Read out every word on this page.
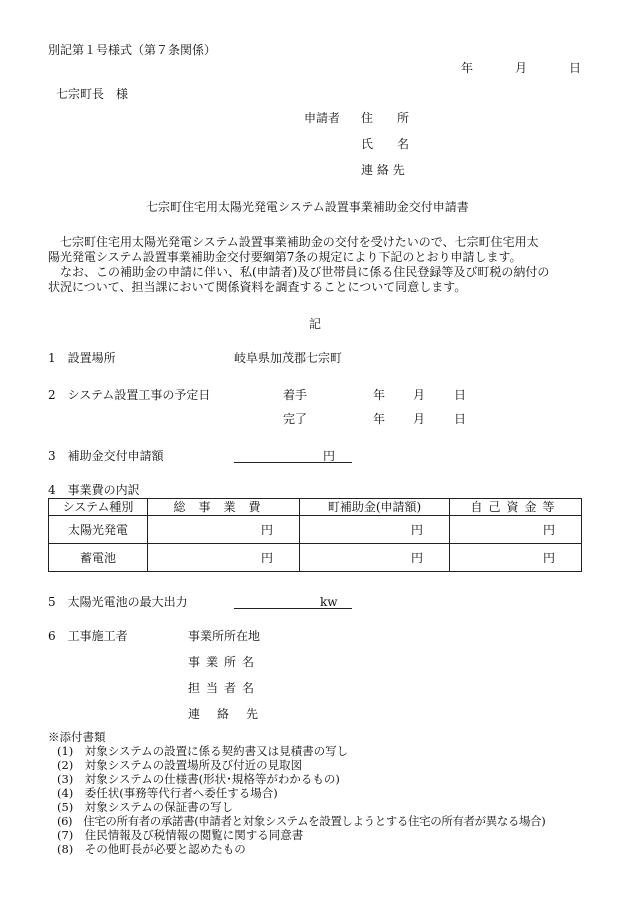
別記第１号様式（第７条関係）
年	月	日
七宗町長　様
申請者 住　　所
氏　　名
連 絡 先
七宗町住宅用太陽光発電システム設置事業補助金交付申請書
七宗町住宅用太陽光発電システム設置事業補助金の交付を受けたいので、七宗町住宅用太
陽光発電システム設置事業補助金交付要綱第7条の規定により下記のとおり申請します。
なお、この補助金の申請に伴い、私(申請者)及び世帯員に係る住民登録等及び町税の納付の
状況について、担当課において関係資料を調査することについて同意します。
記
1　設置場所	岐阜県加茂郡七宗町
2　システム設置工事の予定日	着手	年 月 日
完了	年 月 日
3　補助金交付申請額	円
4　事業費の内訳
システム種別	総事業費	町補助金(申請額)	自己資金等
太陽光発電	円	円	円
蓄電池	円	円	円
5　太陽光電池の最大出力	kw
6　工事施工者	事業所所在地
事業所名
担当者名
連絡先
※添付書類
(1)　対象システムの設置に係る契約書又は見積書の写し
(2)　対象システムの設置場所及び付近の見取図
(3)　対象システムの仕様書(形状･規格等がわかるもの)
(4)　委任状(事務等代行者へ委任する場合)
(5)　対象システムの保証書の写し
(6)　住宅の所有者の承諾書(申請者と対象システムを設置しようとする住宅の所有者が異なる場合)
(7)　住民情報及び税情報の閲覧に関する同意書
(8)　その他町長が必要と認めたもの
